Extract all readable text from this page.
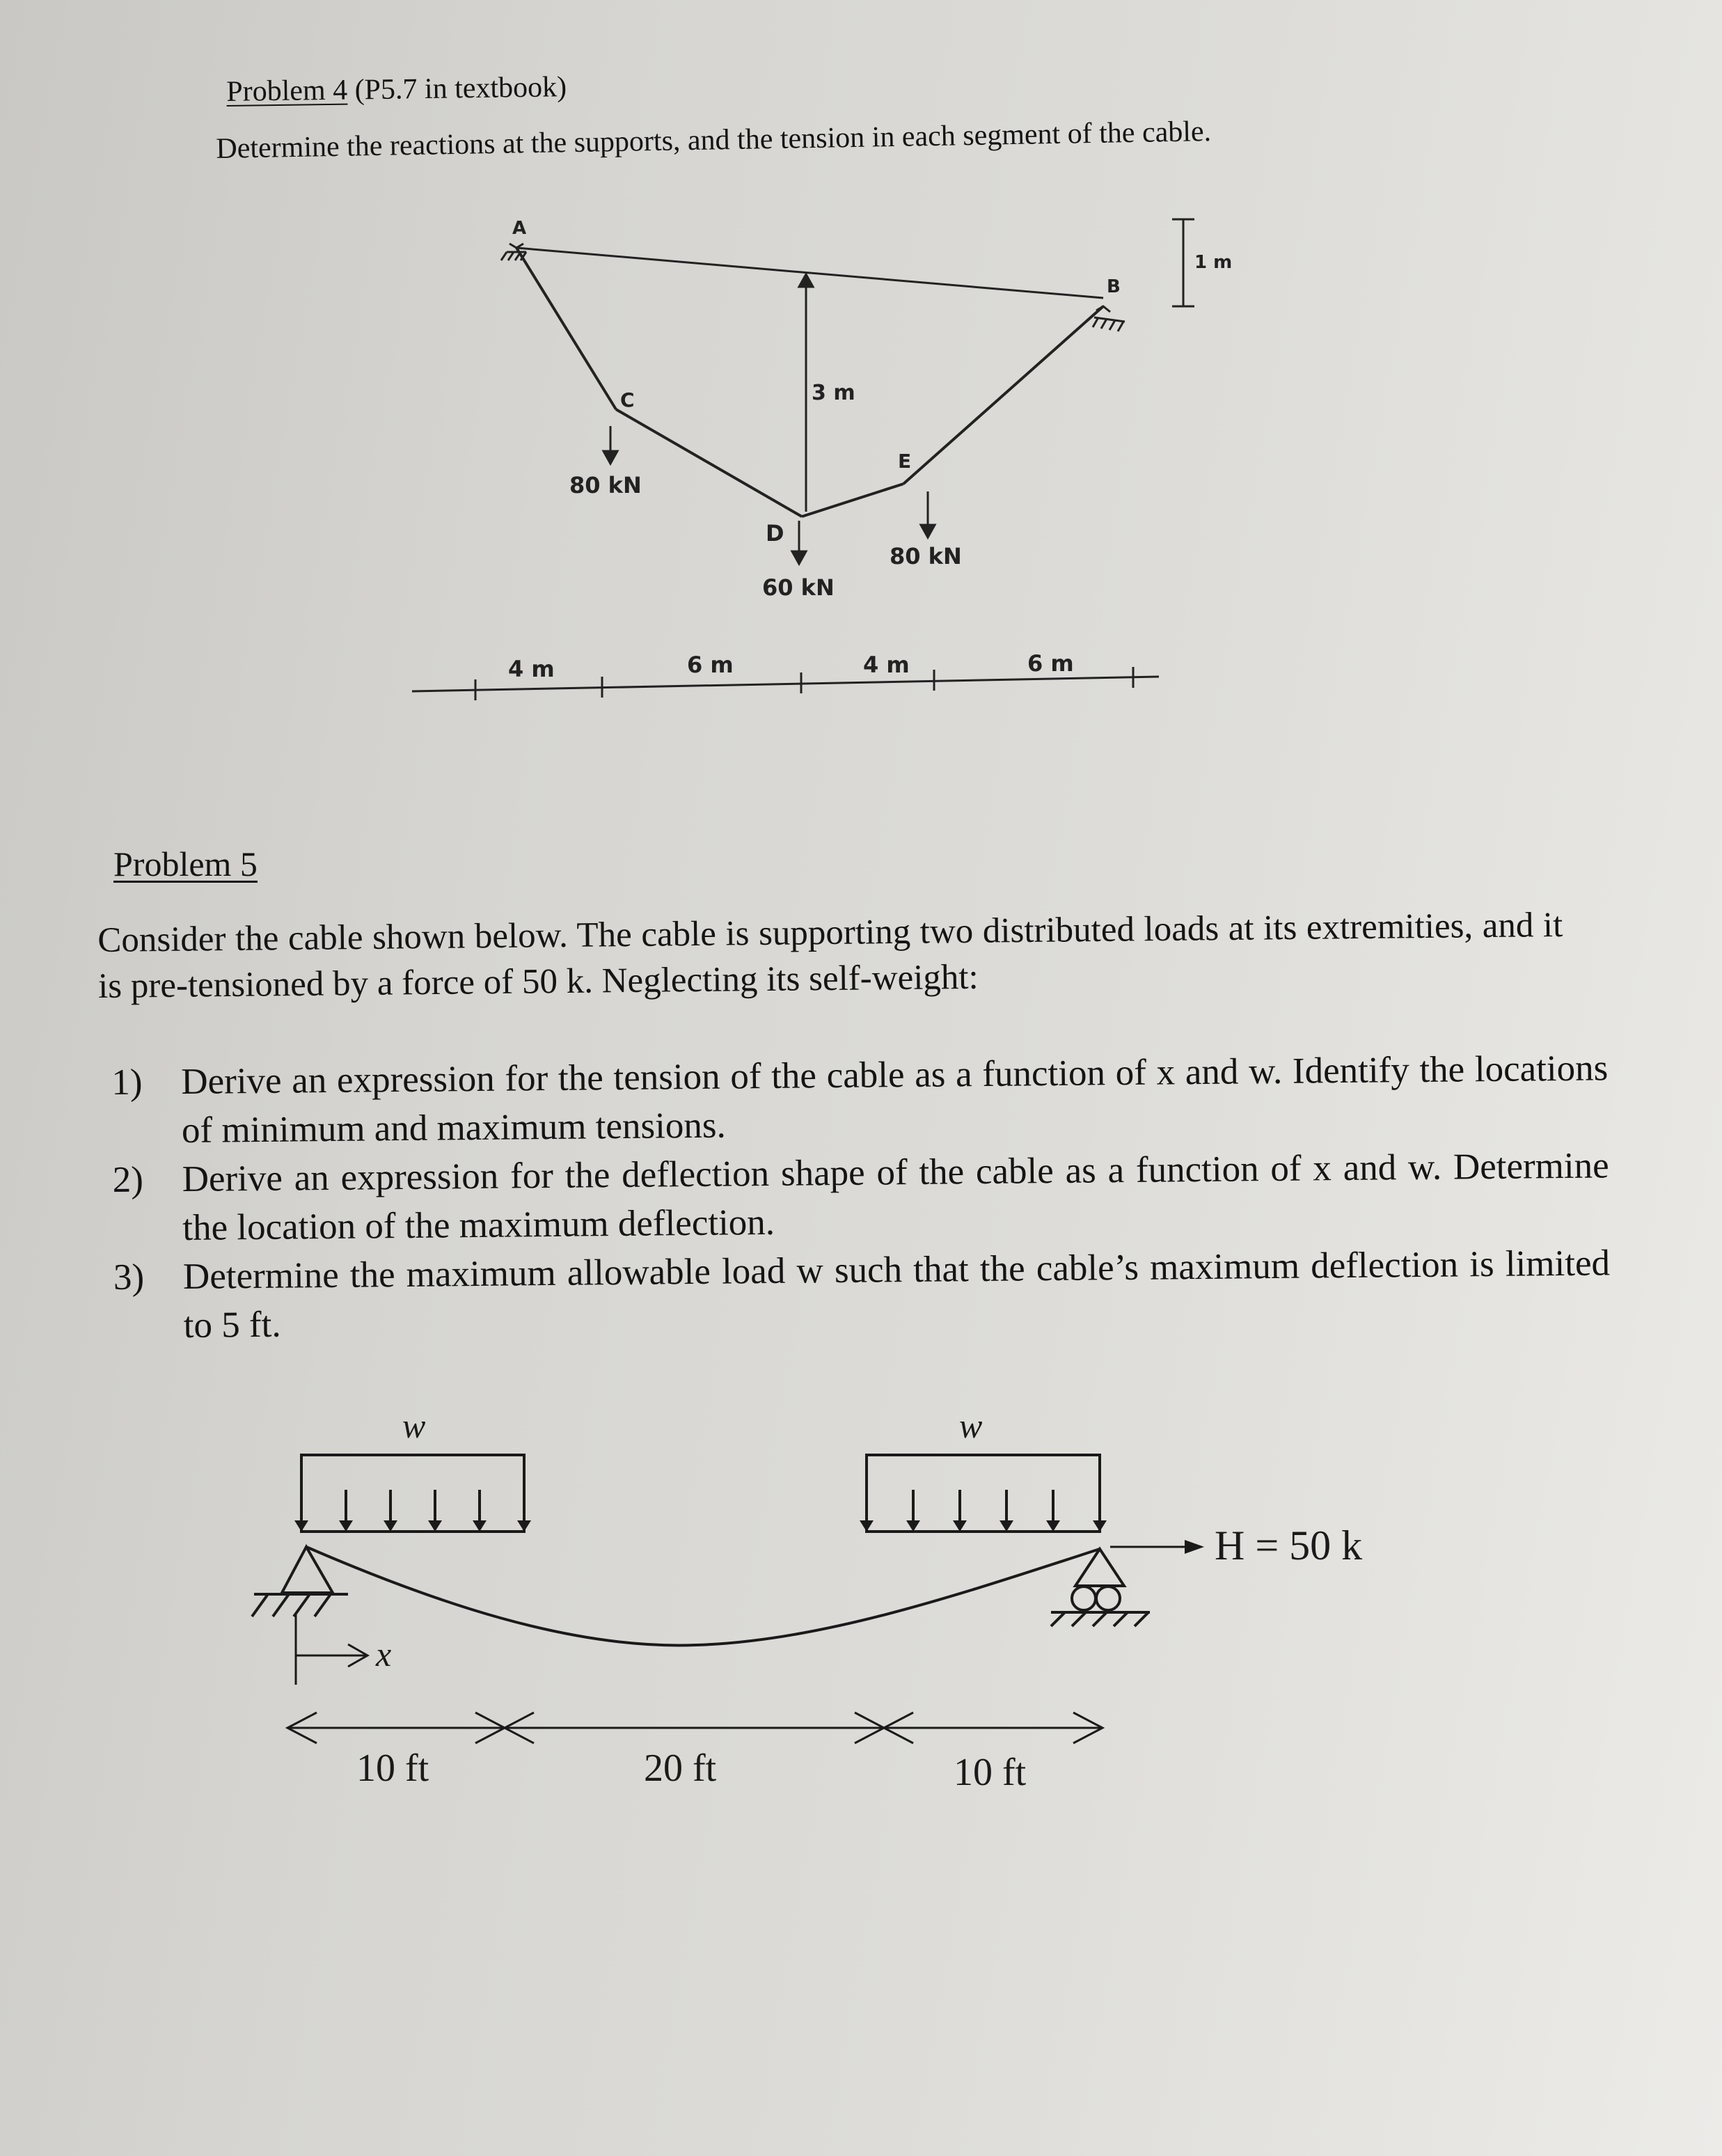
Problem 4 (P5.7 in textbook)
Determine the reactions at the supports, and the tension in each segment of the cable.
A
B
C
D
E
80 kN
60 kN
80 kN
3 m
1 m
4 m	6 m	4 m	6 m
Problem 5
Consider the cable shown below. The cable is supporting two distributed loads at its extremities, and it is pre-tensioned by a force of 50 k. Neglecting its self-weight:
1) Derive an expression for the tension of the cable as a function of x and w. Identify the locations of minimum and maximum tensions.
2) Derive an expression for the deflection shape of the cable as a function of x and w. Determine the location of the maximum deflection.
3) Determine the maximum allowable load w such that the cable’s maximum deflection is limited to 5 ft.
w	w
x
H = 50 k
10 ft	20 ft	10 ft
